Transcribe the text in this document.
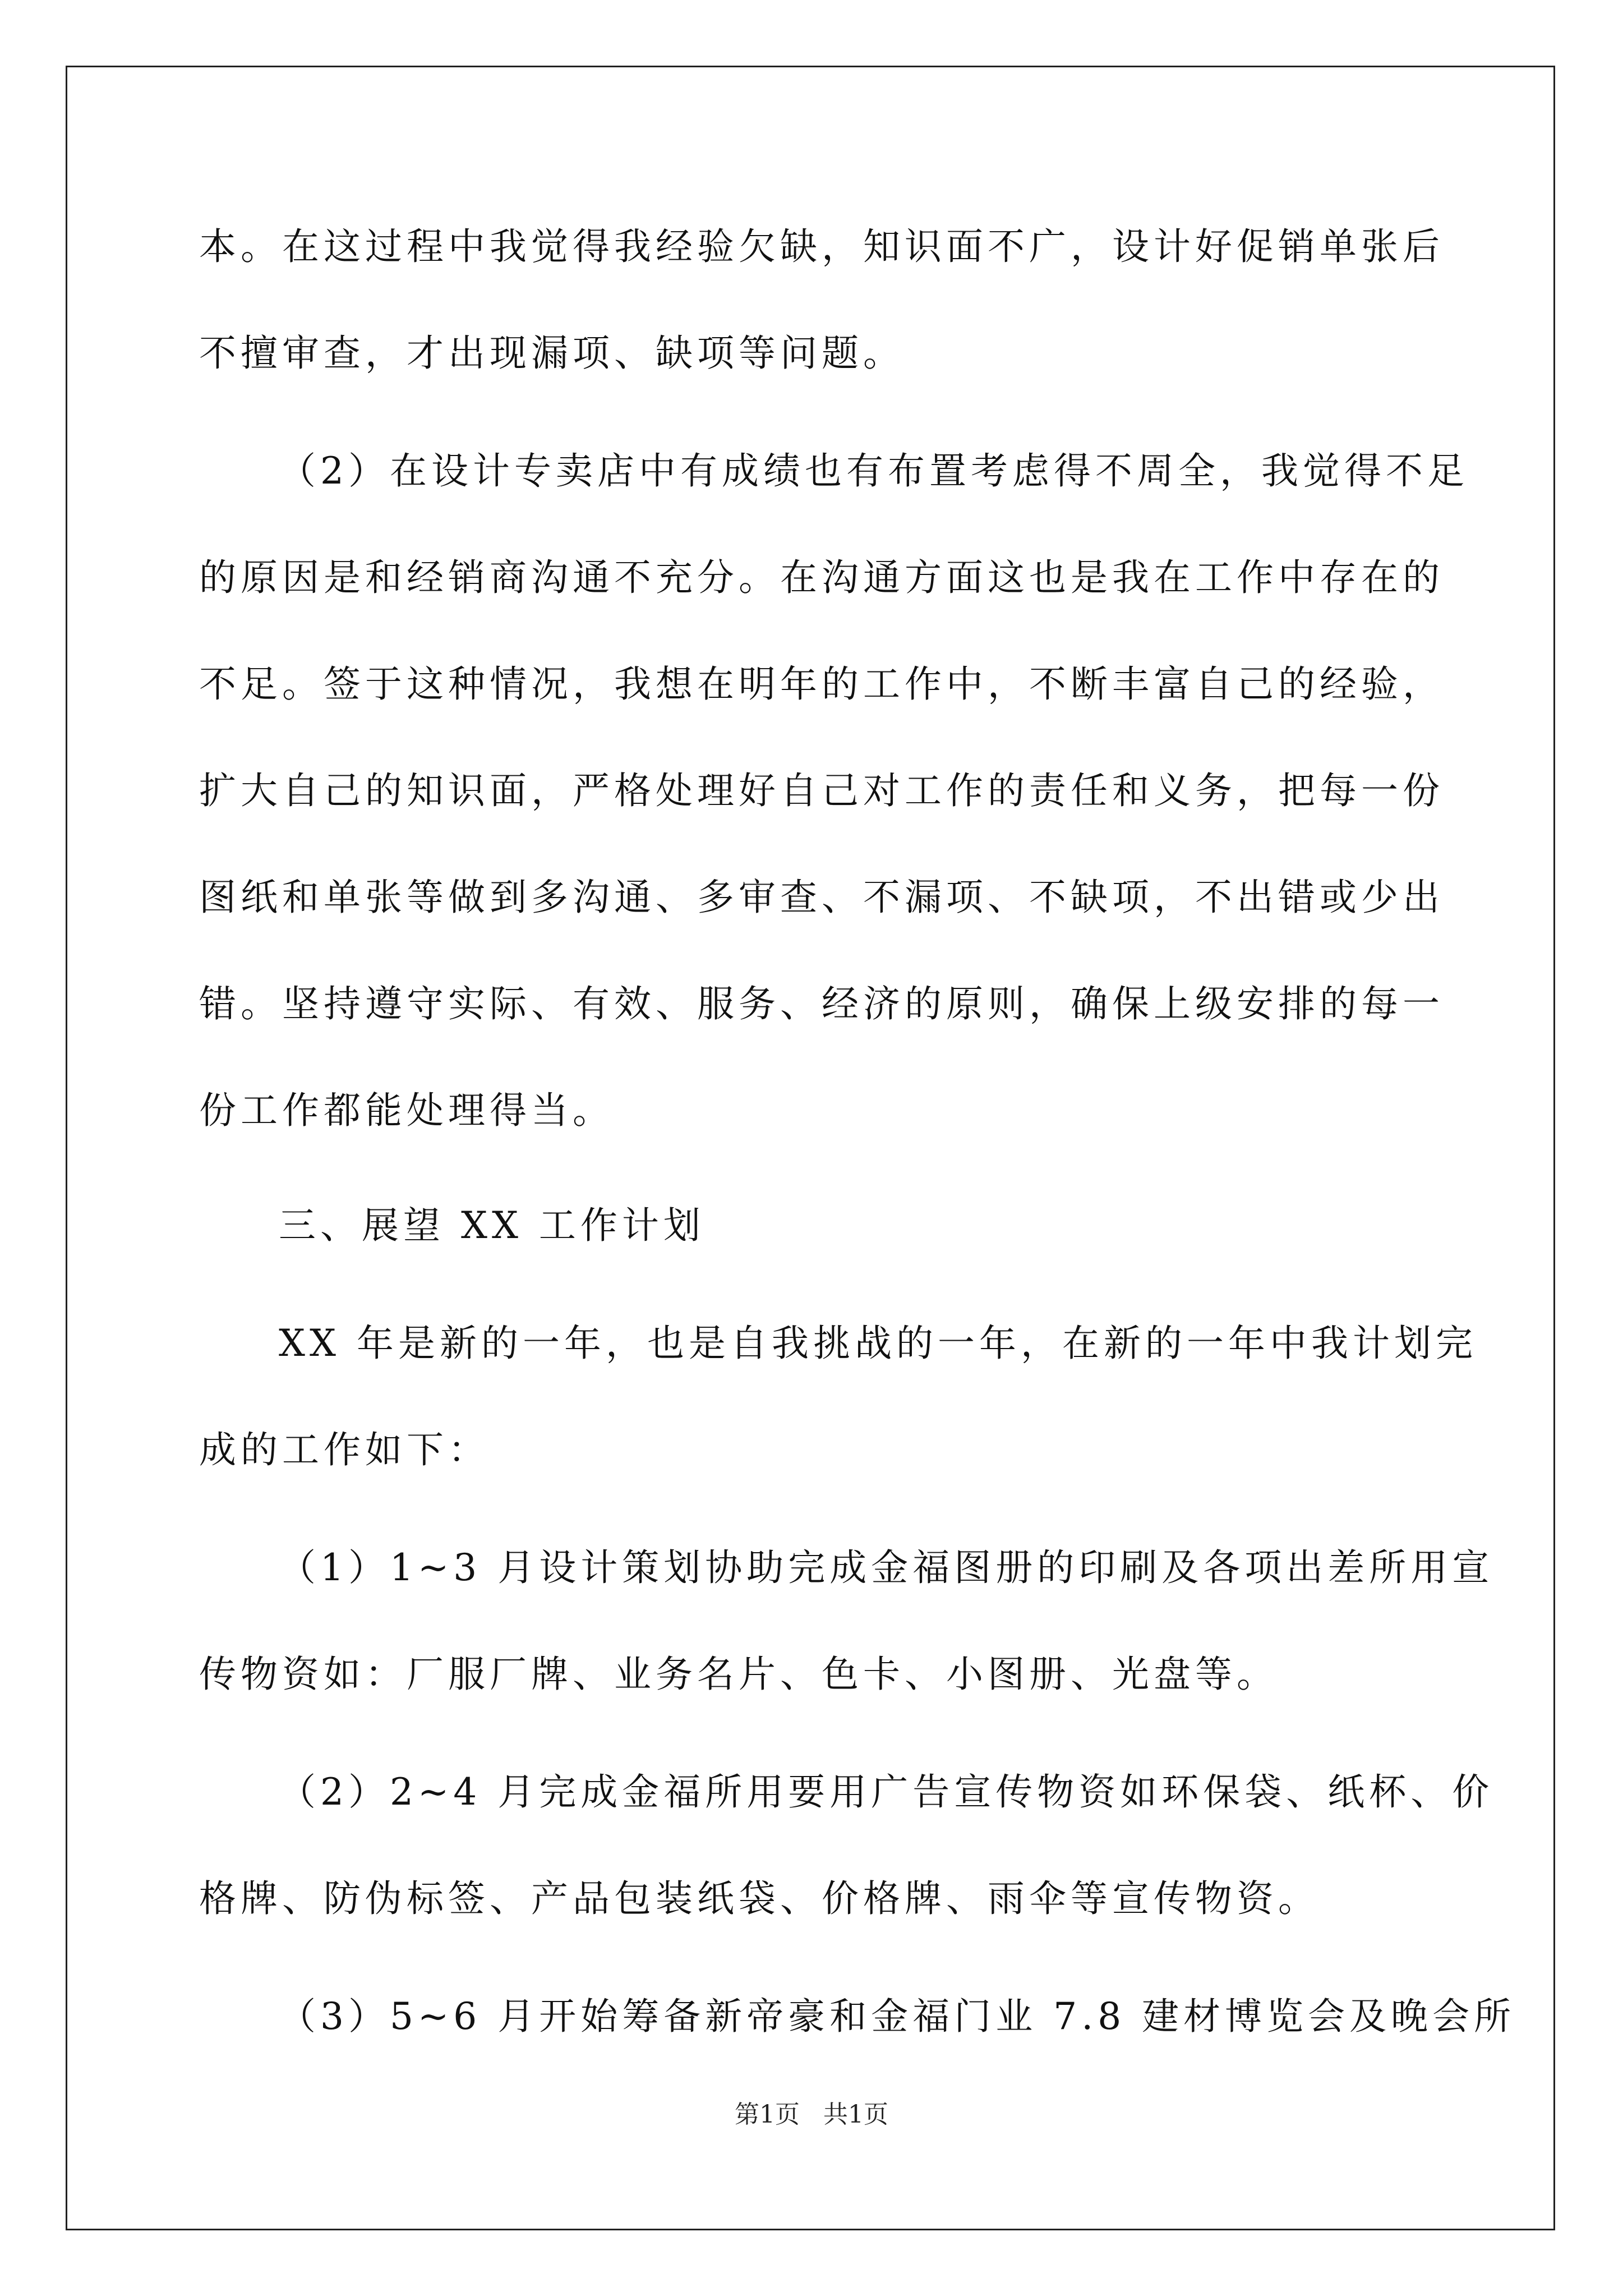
本。在这过程中我觉得我经验欠缺，知识面不广，设计好促销单张后
不擅审查，才出现漏项、缺项等问题。
（2）在设计专卖店中有成绩也有布置考虑得不周全，我觉得不足
的原因是和经销商沟通不充分。在沟通方面这也是我在工作中存在的
不足。签于这种情况，我想在明年的工作中，不断丰富自己的经验，
扩大自己的知识面，严格处理好自己对工作的责任和义务，把每一份
图纸和单张等做到多沟通、多审查、不漏项、不缺项，不出错或少出
错。坚持遵守实际、有效、服务、经济的原则，确保上级安排的每一
份工作都能处理得当。
三、展望 XX 工作计划
XX 年是新的一年，也是自我挑战的一年，在新的一年中我计划完
成的工作如下：
（1）1~3 月设计策划协助完成金福图册的印刷及各项出差所用宣
传物资如：厂服厂牌、业务名片、色卡、小图册、光盘等。
（2）2~4 月完成金福所用要用广告宣传物资如环保袋、纸杯、价
格牌、防伪标签、产品包装纸袋、价格牌、雨伞等宣传物资。
（3）5~6 月开始筹备新帝豪和金福门业 7.8 建材博览会及晚会所
第1页   共1页
